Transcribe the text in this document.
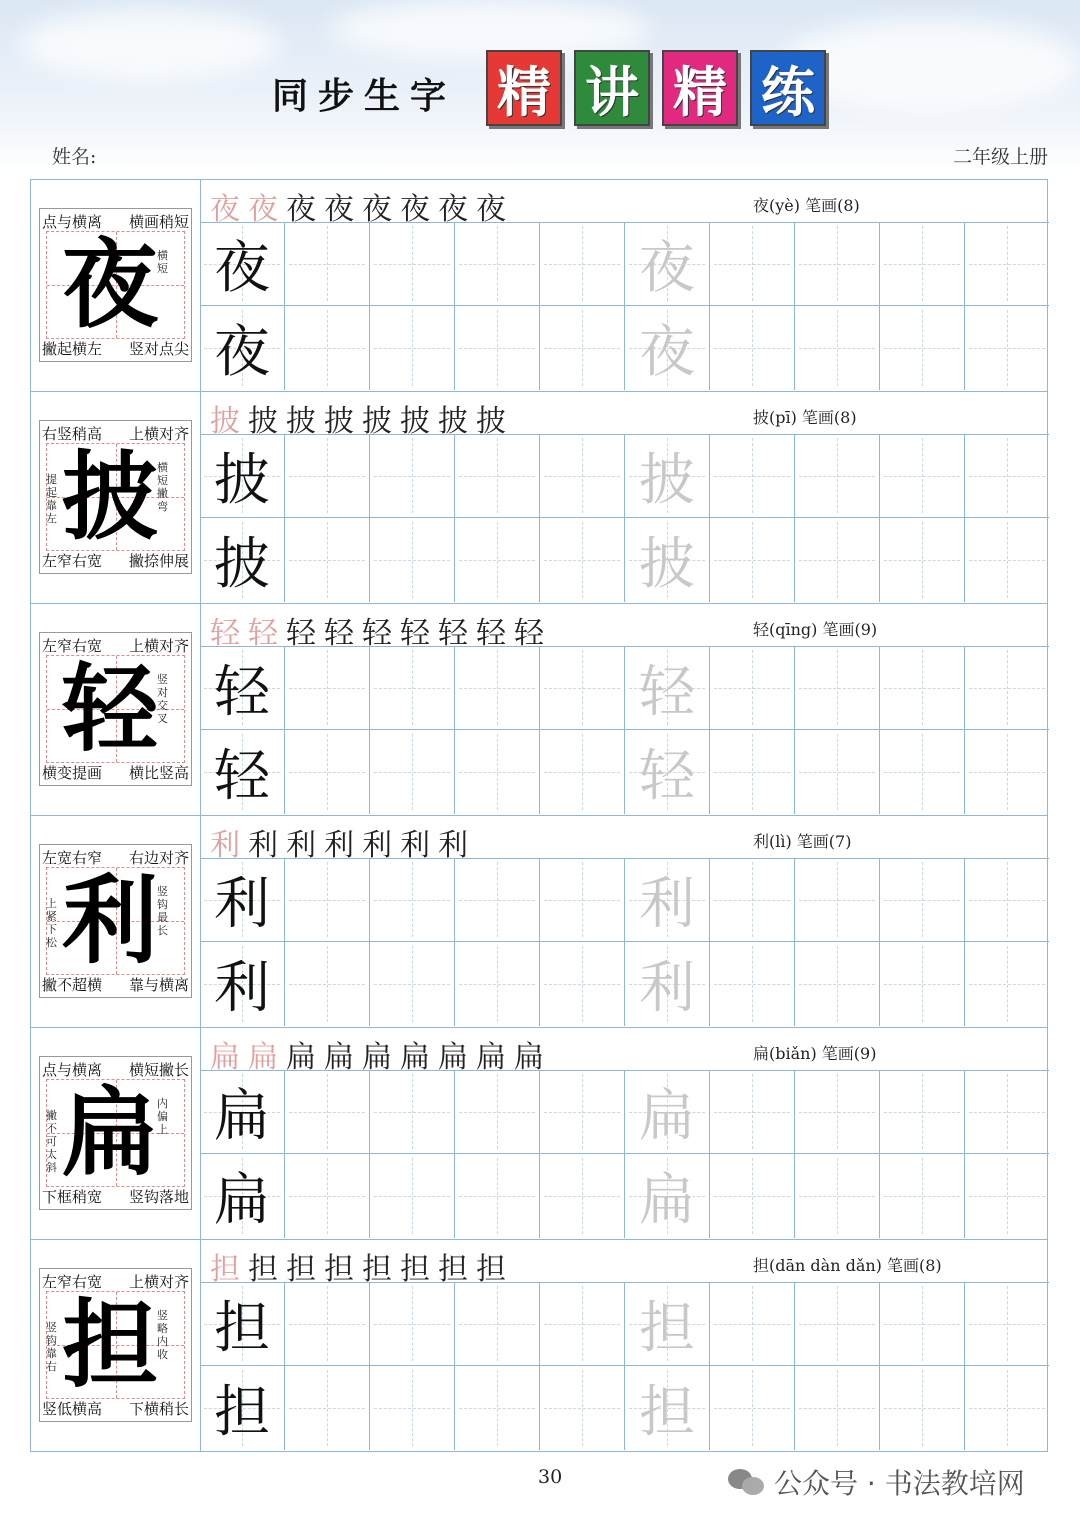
同步生字 精 讲 精 练
姓名:	二年级上册
夜
点与横离 横画稍短
撇起横左 竖对点尖
横短
夜夜夜夜夜夜夜夜	夜(yè) 笔画(8)
夜	夜
夜	夜
披
右竖稍高 上横对齐
左窄右宽 撇捺伸展
横短撇弯
提起靠左
披披披披披披披披	披(pī) 笔画(8)
披	披
披	披
轻
左窄右宽 上横对齐
横变提画 横比竖高
竖对交叉
轻轻轻轻轻轻轻轻轻	轻(qīng) 笔画(9)
轻	轻
轻	轻
利
左宽右窄 右边对齐
撇不超横 靠与横离
竖钩最长
上紧下松
利利利利利利利	利(lì) 笔画(7)
利	利
利	利
扁
点与横离 横短撇长
下框稍宽 竖钩落地
内偏上
撇不可太斜
扁扁扁扁扁扁扁扁扁	扁(biǎn) 笔画(9)
扁	扁
扁	扁
担
左窄右宽 上横对齐
竖低横高 下横稍长
竖略内收
竖钩靠右
担担担担担担担担	担(dān dàn dǎn) 笔画(8)
担	担
担	担
30	公众号 · 书法教培网
